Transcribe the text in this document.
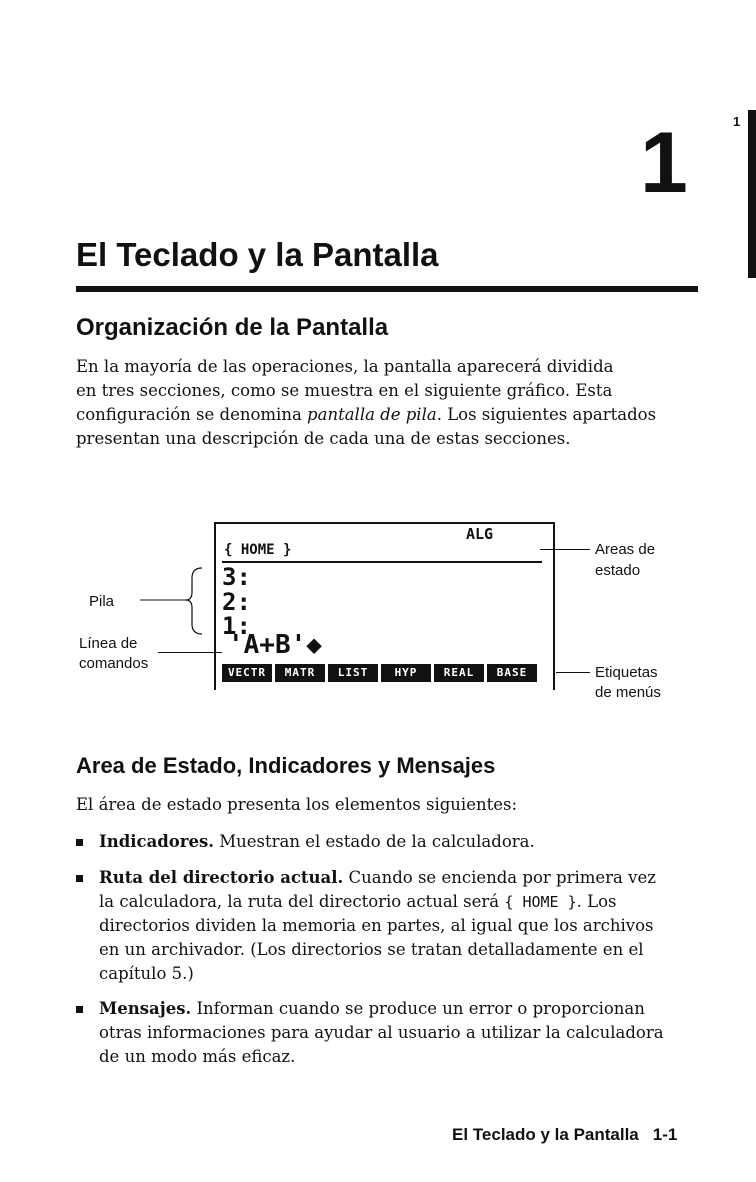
1
1
El Teclado y la Pantalla
Organización de la Pantalla
En la mayoría de las operaciones, la pantalla aparecerá dividida
en tres secciones, como se muestra en el siguiente gráfico. Esta
configuración se denomina pantalla de pila. Los siguientes apartados
presentan una descripción de cada una de estas secciones.
ALG
{ HOME }
3:
2:
1:
'A+B'◆
VECTR	MATR	LIST	HYP	REAL	BASE
Pila
Línea de
comandos
Areas de
estado
Etiquetas
de menús
Area de Estado, Indicadores y Mensajes
El área de estado presenta los elementos siguientes:
Indicadores. Muestran el estado de la calculadora.
Ruta del directorio actual. Cuando se encienda por primera vez
la calculadora, la ruta del directorio actual será { HOME }. Los
directorios dividen la memoria en partes, al igual que los archivos
en un archivador. (Los directorios se tratan detalladamente en el
capítulo 5.)
Mensajes. Informan cuando se produce un error o proporcionan
otras informaciones para ayudar al usuario a utilizar la calculadora
de un modo más eficaz.
El Teclado y la Pantalla 1-1
